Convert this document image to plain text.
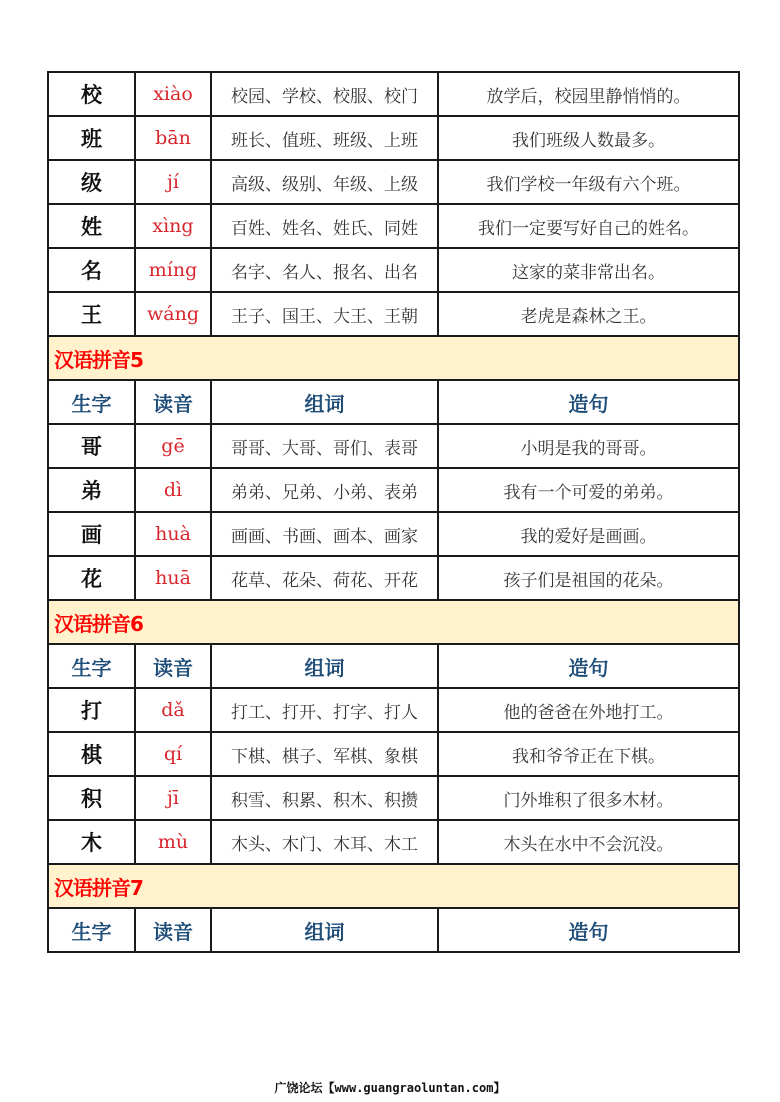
校	xiào	校园、学校、校服、校门	放学后，校园里静悄悄的。
班	bān	班长、值班、班级、上班	我们班级人数最多。
级	jí	高级、级别、年级、上级	我们学校一年级有六个班。
姓	xìng	百姓、姓名、姓氏、同姓	我们一定要写好自己的姓名。
名	míng	名字、名人、报名、出名	这家的菜非常出名。
王	wáng	王子、国王、大王、王朝	老虎是森林之王。
汉语拼音5			
生字	读音	组词	造句
哥	gē	哥哥、大哥、哥们、表哥	小明是我的哥哥。
弟	dì	弟弟、兄弟、小弟、表弟	我有一个可爱的弟弟。
画	huà	画画、书画、画本、画家	我的爱好是画画。
花	huā	花草、花朵、荷花、开花	孩子们是祖国的花朵。
汉语拼音6			
生字	读音	组词	造句
打	dǎ	打工、打开、打字、打人	他的爸爸在外地打工。
棋	qí	下棋、棋子、军棋、象棋	我和爷爷正在下棋。
积	jī	积雪、积累、积木、积攒	门外堆积了很多木材。
木	mù	木头、木门、木耳、木工	木头在水中不会沉没。
汉语拼音7			
生字	读音	组词	造句
广饶论坛【www.guangraoluntan.com】
